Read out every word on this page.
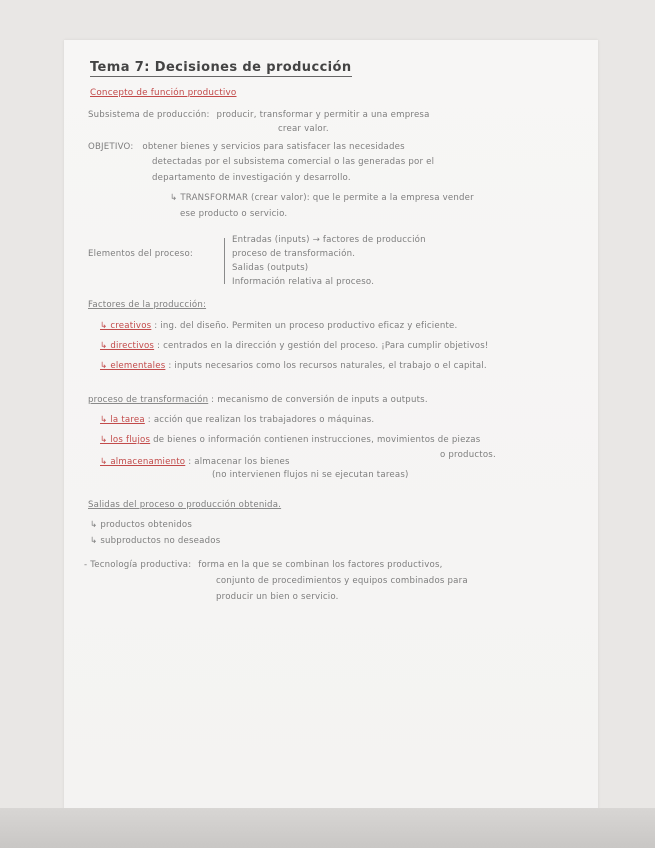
Tema 7: Decisiones de producción
Concepto de función productivo
Subsistema de producción: producir, transformar y permitir a una empresa
crear valor.
OBJETIVO: obtener bienes y servicios para satisfacer las necesidades
detectadas por el subsistema comercial o las generadas por el
departamento de investigación y desarrollo.
↳ TRANSFORMAR (crear valor): que le permite a la empresa vender
ese producto o servicio.
Elementos del proceso:
Entradas (inputs) → factores de producción
proceso de transformación.
Salidas (outputs)
Información relativa al proceso.
Factores de la producción:
↳ creativos : ing. del diseño. Permiten un proceso productivo eficaz y eficiente.
↳ directivos : centrados en la dirección y gestión del proceso. ¡Para cumplir objetivos!
↳ elementales : inputs necesarios como los recursos naturales, el trabajo o el capital.
proceso de transformación : mecanismo de conversión de inputs a outputs.
↳ la tarea : acción que realizan los trabajadores o máquinas.
↳ los flujos de bienes o información contienen instrucciones, movimientos de piezas
o productos.
↳ almacenamiento : almacenar los bienes
(no intervienen flujos ni se ejecutan tareas)
Salidas del proceso o producción obtenida.
↳ productos obtenidos
↳ subproductos no deseados
- Tecnología productiva: forma en la que se combinan los factores productivos,
conjunto de procedimientos y equipos combinados para
producir un bien o servicio.
